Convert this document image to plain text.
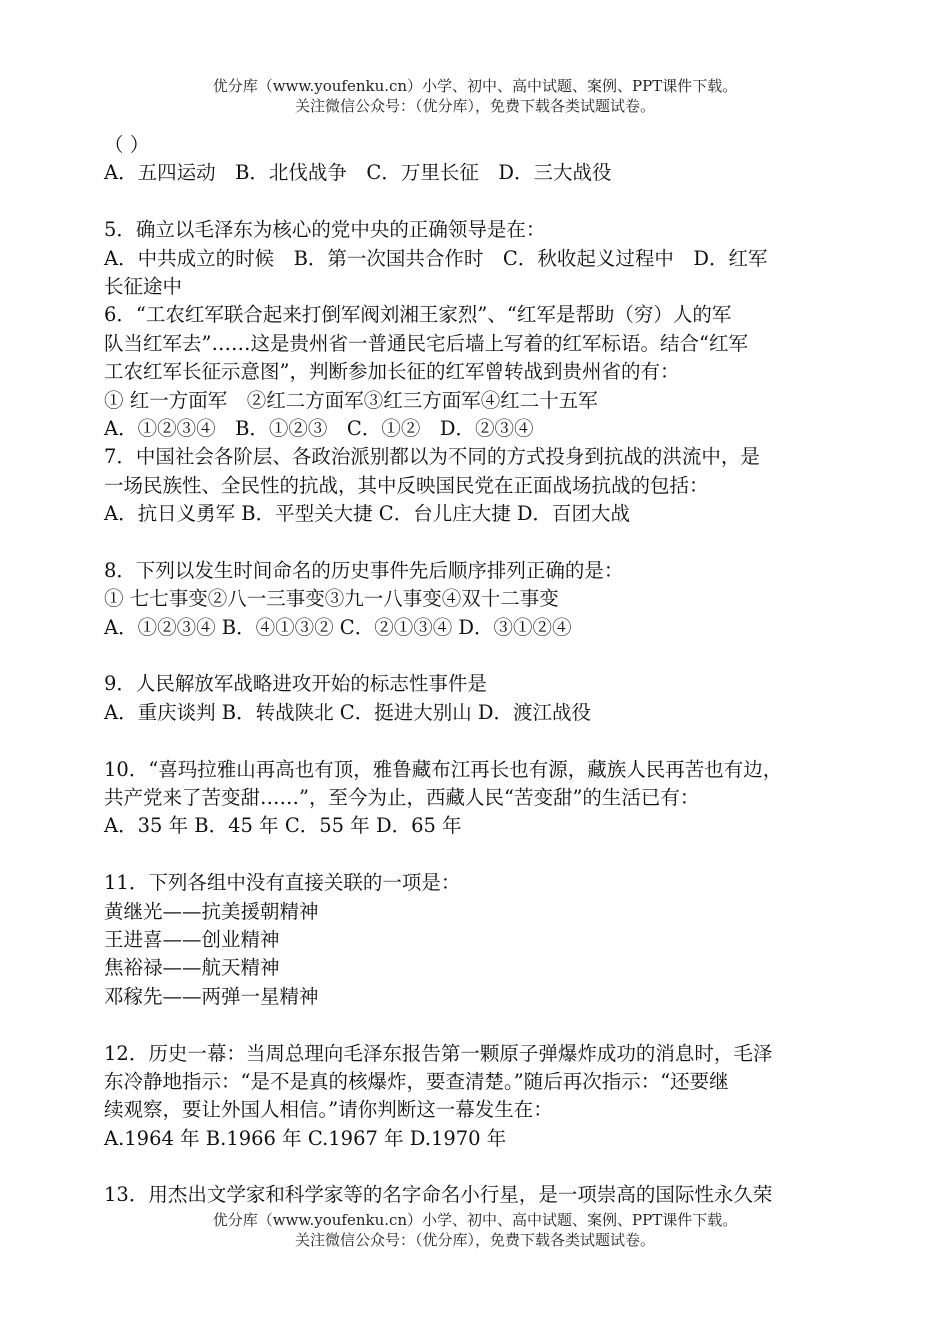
优分库（www.youfenku.cn）小学、初中、高中试题、案例、PPT课件下载。
关注微信公众号：（优分库），免费下载各类试题试卷。
（ ）
A．五四运动　B．北伐战争　C．万里长征　D．三大战役
5．确立以毛泽东为核心的党中央的正确领导是在：
A．中共成立的时候　B．第一次国共合作时　C．秋收起义过程中　D．红军
长征途中
6．“工农红军联合起来打倒军阀刘湘王家烈”、“红军是帮助（穷）人的军
队当红军去”……这是贵州省一普通民宅后墙上写着的红军标语。结合“红军
工农红军长征示意图”，判断参加长征的红军曾转战到贵州省的有：
① 红一方面军　②红二方面军③红三方面军④红二十五军
A．①②③④　B．①②③　C．①②　D．②③④
7．中国社会各阶层、各政治派别都以为不同的方式投身到抗战的洪流中，是
一场民族性、全民性的抗战，其中反映国民党在正面战场抗战的包括：
A．抗日义勇军 B．平型关大捷 C．台儿庄大捷 D．百团大战
8．下列以发生时间命名的历史事件先后顺序排列正确的是：
① 七七事变②八一三事变③九一八事变④双十二事变
A．①②③④ B．④①③② C．②①③④ D．③①②④
9．人民解放军战略进攻开始的标志性事件是
A．重庆谈判 B．转战陕北 C．挺进大别山 D．渡江战役
10．“喜玛拉雅山再高也有顶，雅鲁藏布江再长也有源，藏族人民再苦也有边，
共产党来了苦变甜……”，至今为止，西藏人民“苦变甜”的生活已有：
A．35 年 B．45 年 C．55 年 D．65 年
11．下列各组中没有直接关联的一项是：
黄继光——抗美援朝精神
王进喜——创业精神
焦裕禄——航天精神
邓稼先——两弹一星精神
12．历史一幕：当周总理向毛泽东报告第一颗原子弹爆炸成功的消息时，毛泽
东冷静地指示：“是不是真的核爆炸，要查清楚。”随后再次指示：“还要继
续观察，要让外国人相信。”请你判断这一幕发生在：
A.1964 年 B.1966 年 C.1967 年 D.1970 年
13．用杰出文学家和科学家等的名字命名小行星，是一项崇高的国际性永久荣
优分库（www.youfenku.cn）小学、初中、高中试题、案例、PPT课件下载。
关注微信公众号：（优分库），免费下载各类试题试卷。
